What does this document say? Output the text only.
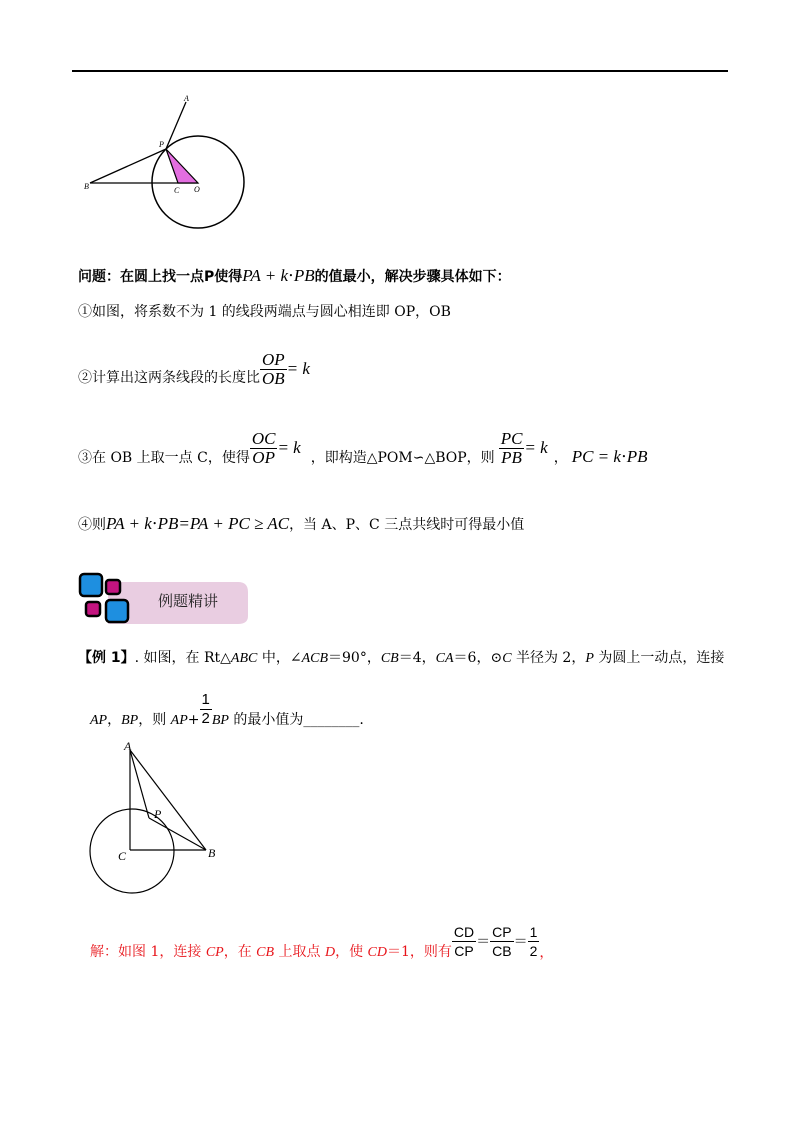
A
P
B	C O
问题：在圆上找一点P使得PA + k⋅PB的值最小，解决步骤具体如下：
①如图，将系数不为 1 的线段两端点与圆心相连即 OP，OB
②计算出这两条线段的长度比 $\frac{OP}{OB} = k$
③在 OB 上取一点 C，使得 $\frac{OC}{OP} = k$
，即构造△POM∽△BOP，则 $\frac{PC}{PB} = k$
， PC = k⋅PB
④则PA + k⋅PB=PA + PC ≥ AC，当 A、P、C 三点共线时可得最小值
例题精讲
【例 1】. 如图，在 Rt△ABC 中，∠ACB＝90°，CB＝4，CA＝6，⊙C 半径为 2，P 为圆上一动点，连接
AP，BP，则 $AP+ \frac{1}{2}$ BP 的最小值为________.
A
P
C	B
解：如图 1，连接 CP，在 CB 上取点 D，使 CD＝1，则有 $\frac{CD}{CP} = \frac{CP}{CB} = \frac{1}{2}$ ，
